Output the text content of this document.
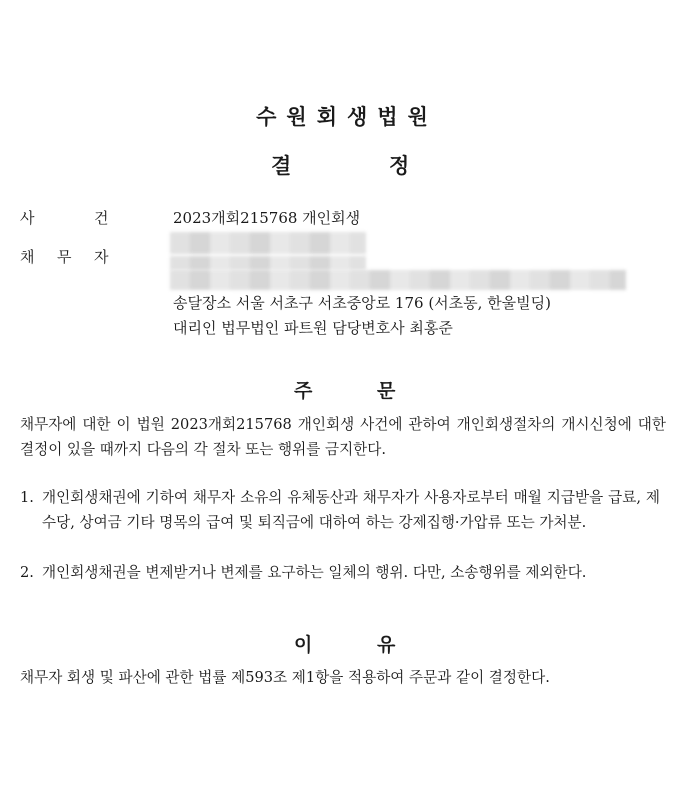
수원회생법원
결	정
사	건	2023개회215768 개인회생
채 무 자
송달장소 서울 서초구 서초중앙로 176 (서초동, 한울빌딩)
대리인 법무법인 파트원 담당변호사 최홍준
주	문
채무자에 대한 이 법원 2023개회215768 개인회생 사건에 관하여 개인회생절차의 개시신청에 대한 결정이 있을 때까지 다음의 각 절차 또는 행위를 금지한다.
1. 개인회생채권에 기하여 채무자 소유의 유체동산과 채무자가 사용자로부터 매월 지급받을 급료, 제수당, 상여금 기타 명목의 급여 및 퇴직금에 대하여 하는 강제집행·가압류 또는 가처분.
2. 개인회생채권을 변제받거나 변제를 요구하는 일체의 행위. 다만, 소송행위를 제외한다.
이	유
채무자 회생 및 파산에 관한 법률 제593조 제1항을 적용하여 주문과 같이 결정한다.
